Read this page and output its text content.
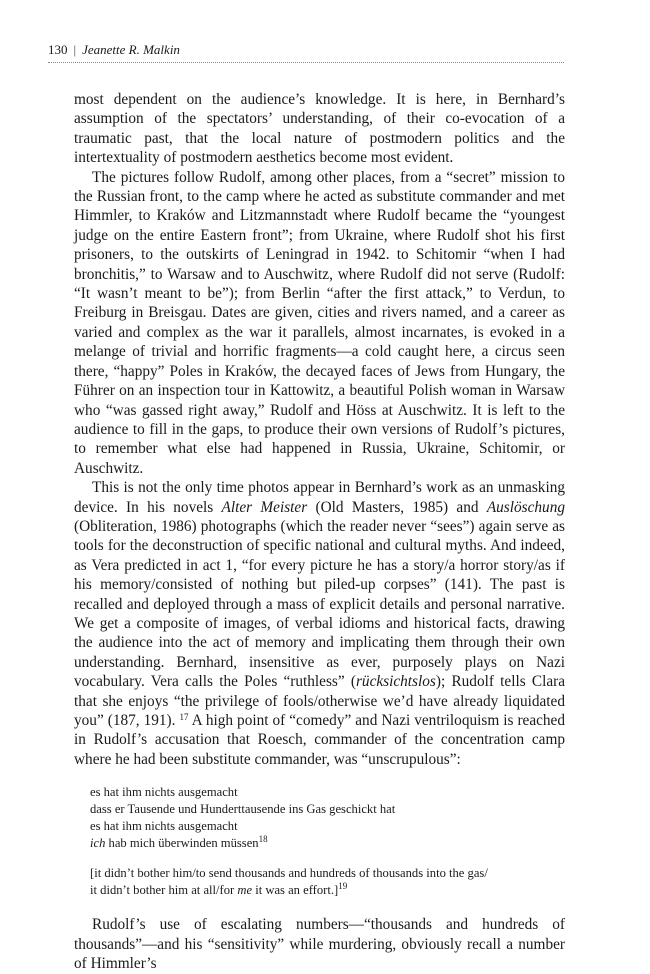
130 | Jeanette R. Malkin

most dependent on the audience’s knowledge. It is here, in Bernhard’s assumption of the spectators’ understanding, of their co-evocation of a traumatic past, that the local nature of postmodern politics and the intertextuality of postmodern aesthetics become most evident.

The pictures follow Rudolf, among other places, from a “secret” mission to the Russian front, to the camp where he acted as substitute commander and met Himmler, to Kraków and Litzmannstadt where Rudolf became the “youngest judge on the entire Eastern front”; from Ukraine, where Rudolf shot his first prisoners, to the outskirts of Leningrad in 1942. to Schitomir “when I had bronchitis,” to Warsaw and to Auschwitz, where Rudolf did not serve (Rudolf: “It wasn’t meant to be”); from Berlin “after the first attack,” to Verdun, to Freiburg in Breisgau. Dates are given, cities and rivers named, and a career as varied and complex as the war it parallels, almost incarnates, is evoked in a melange of trivial and horrific fragments—a cold caught here, a circus seen there, “happy” Poles in Kraków, the decayed faces of Jews from Hungary, the Führer on an inspection tour in Kattowitz, a beautiful Polish woman in Warsaw who “was gassed right away,” Rudolf and Höss at Auschwitz. It is left to the audience to fill in the gaps, to produce their own versions of Rudolf’s pictures, to remember what else had happened in Russia, Ukraine, Schitomir, or Auschwitz.

This is not the only time photos appear in Bernhard’s work as an unmasking device. In his novels Alter Meister (Old Masters, 1985) and Auslöschung (Obliteration, 1986) photographs (which the reader never “sees”) again serve as tools for the deconstruction of specific national and cultural myths. And indeed, as Vera predicted in act 1, “for every picture he has a story/a horror story/as if his memory/consisted of nothing but piled-up corpses” (141). The past is recalled and deployed through a mass of explicit details and personal narrative. We get a composite of images, of verbal idioms and historical facts, drawing the audience into the act of memory and implicating them through their own understanding. Bernhard, insensitive as ever, purposely plays on Nazi vocabulary. Vera calls the Poles “ruthless” (rücksichtslos); Rudolf tells Clara that she enjoys “the privilege of fools/otherwise we’d have already liquidated you” (187, 191). $^{17}$ A high point of “comedy” and Nazi ventriloquism is reached in Rudolf’s accusation that Roesch, commander of the concentration camp where he had been substitute commander, was “unscrupulous”:

es hat ihm nichts ausgemacht
dass er Tausende und Hunderttausende ins Gas geschickt hat
es hat ihm nichts ausgemacht
ich hab mich überwinden müssen$^{18}$
[it didn’t bother him/to send thousands and hundreds of thousands into the gas/
it didn’t bother him at all/for me it was an effort.]$^{19}$

Rudolf’s use of escalating numbers—“thousands and hundreds of thousands”—and his “sensitivity” while murdering, obviously recall a number of Himmler’s
